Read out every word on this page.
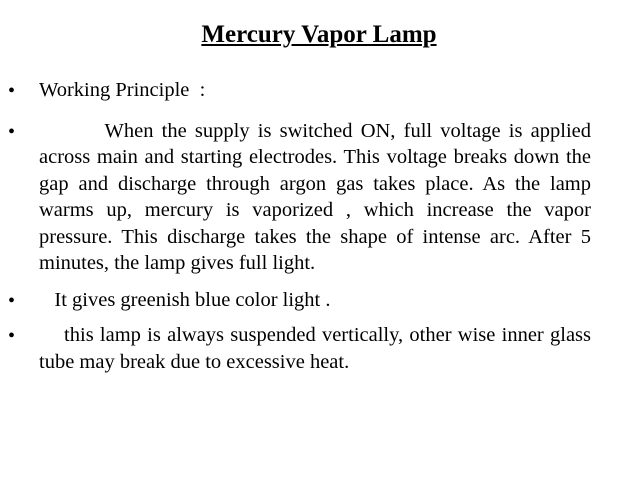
Mercury Vapor Lamp
• Working Principle  :
• When the supply is switched ON, full voltage is applied across main and starting electrodes. This voltage breaks down the gap and discharge through argon gas takes place. As the lamp warms up, mercury is vaporized , which increase the vapor pressure. This discharge takes the shape of intense arc. After 5 minutes, the lamp gives full light.
• It gives greenish blue color light .
• this lamp is always suspended vertically, other wise inner glass tube may break due to excessive heat.
